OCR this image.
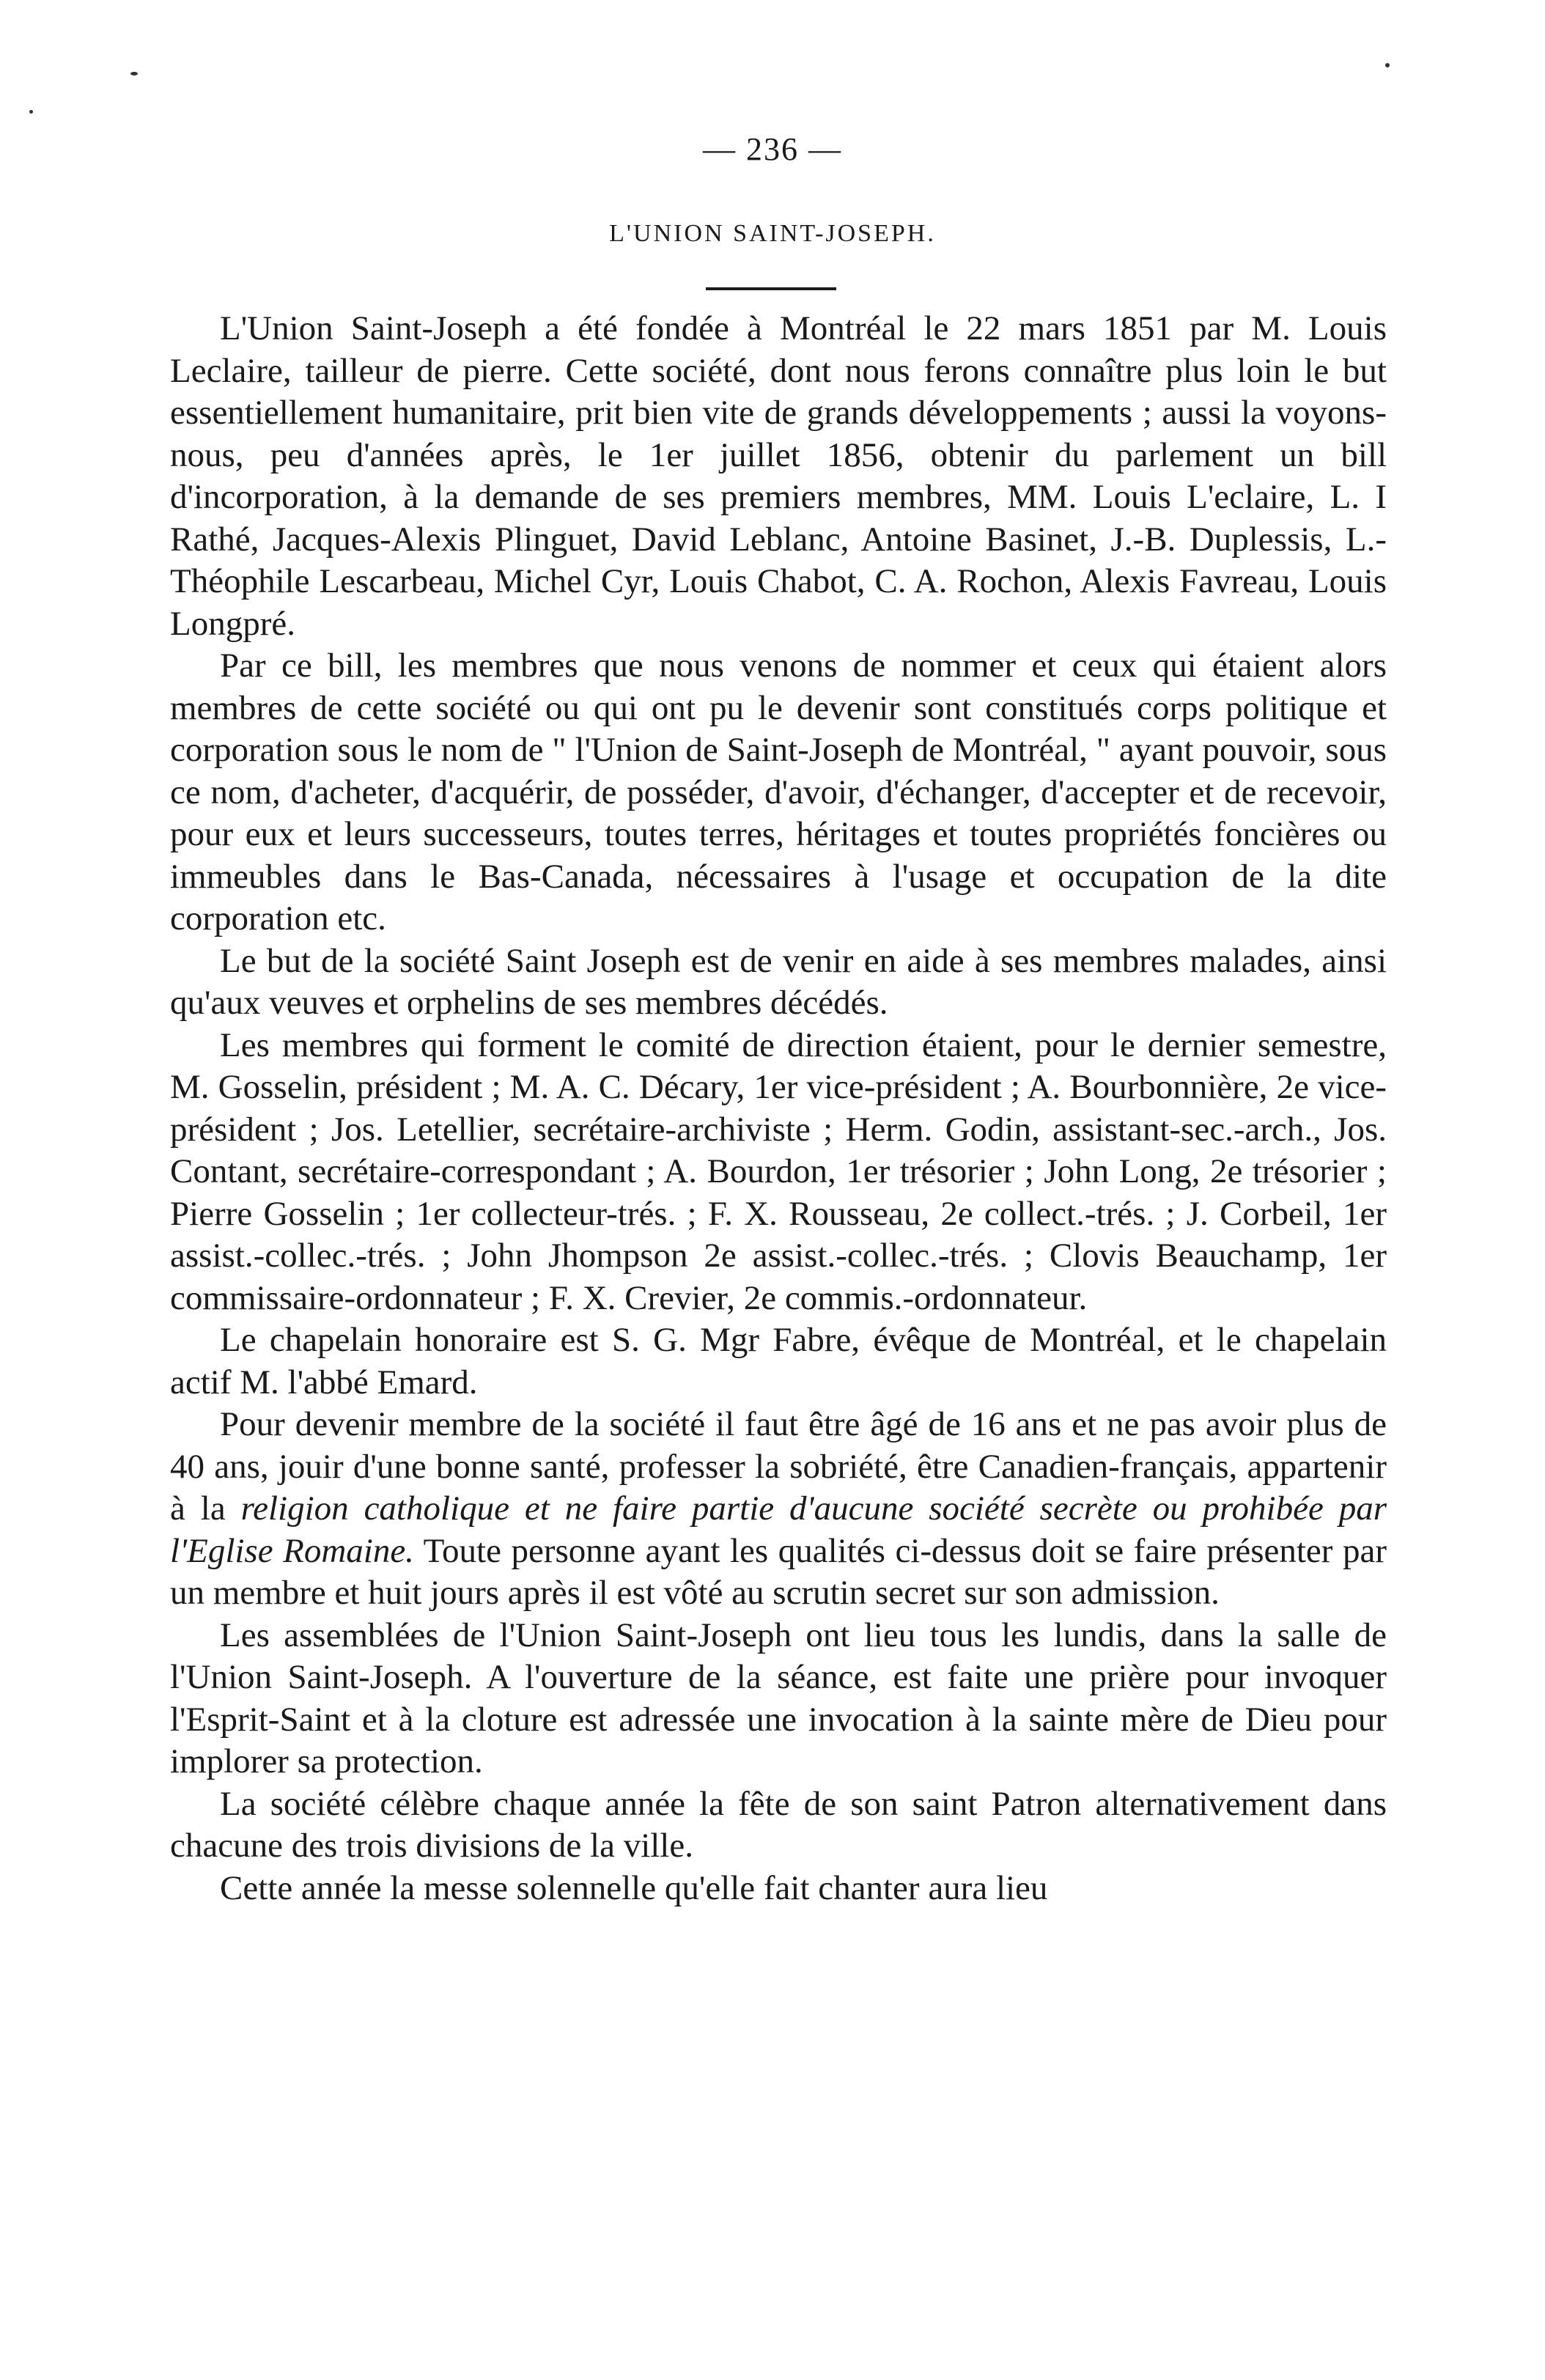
— 236 —
L'UNION SAINT-JOSEPH.

L'Union Saint-Joseph a été fondée à Montréal le 22 mars 1851 par M. Louis Leclaire, tailleur de pierre. Cette société, dont nous ferons connaître plus loin le but essentiellement humanitaire, prit bien vite de grands développements ; aussi la voyons-nous, peu d'années après, le 1er juillet 1856, obtenir du parlement un bill d'incorporation, à la demande de ses premiers membres, MM. Louis L'eclaire, L. I Rathé, Jacques-Alexis Plinguet, David Leblanc, Antoine Basinet, J.-B. Duplessis, L.-Théophile Lescarbeau, Michel Cyr, Louis Chabot, C. A. Rochon, Alexis Favreau, Louis Longpré.

Par ce bill, les membres que nous venons de nommer et ceux qui étaient alors membres de cette société ou qui ont pu le devenir sont constitués corps politique et corporation sous le nom de " l'Union de Saint-Joseph de Montréal, " ayant pouvoir, sous ce nom, d'acheter, d'acquérir, de posséder, d'avoir, d'échanger, d'accepter et de recevoir, pour eux et leurs successeurs, toutes terres, héritages et toutes propriétés foncières ou immeubles dans le Bas-Canada, nécessaires à l'usage et occupation de la dite corporation etc.

Le but de la société Saint Joseph est de venir en aide à ses membres malades, ainsi qu'aux veuves et orphelins de ses membres décédés.

Les membres qui forment le comité de direction étaient, pour le dernier semestre, M. Gosselin, président ; M. A. C. Décary, 1er vice-président ; A. Bourbonnière, 2e vice-président ; Jos. Letellier, secrétaire-archiviste ; Herm. Godin, assistant-sec.-arch., Jos. Contant, secrétaire-correspondant ; A. Bourdon, 1er trésorier ; John Long, 2e trésorier ; Pierre Gosselin ; 1er collecteur-trés. ; F. X. Rousseau, 2e collect.-trés. ; J. Corbeil, 1er assist.-collec.-trés. ; John Jhompson 2e assist.-collec.-trés. ; Clovis Beauchamp, 1er commissaire-ordonnateur ; F. X. Crevier, 2e commis.-ordonnateur.

Le chapelain honoraire est S. G. Mgr Fabre, évêque de Montréal, et le chapelain actif M. l'abbé Emard.

Pour devenir membre de la société il faut être âgé de 16 ans et ne pas avoir plus de 40 ans, jouir d'une bonne santé, professer la sobriété, être Canadien-français, appartenir à la religion catholique et ne faire partie d'aucune société secrète ou prohibée par l'Eglise Romaine. Toute personne ayant les qualités ci-dessus doit se faire présenter par un membre et huit jours après il est vôté au scrutin secret sur son admission.

Les assemblées de l'Union Saint-Joseph ont lieu tous les lundis, dans la salle de l'Union Saint-Joseph. A l'ouverture de la séance, est faite une prière pour invoquer l'Esprit-Saint et à la cloture est adressée une invocation à la sainte mère de Dieu pour implorer sa protection.

La société célèbre chaque année la fête de son saint Patron alternativement dans chacune des trois divisions de la ville.

Cette année la messe solennelle qu'elle fait chanter aura lieu
